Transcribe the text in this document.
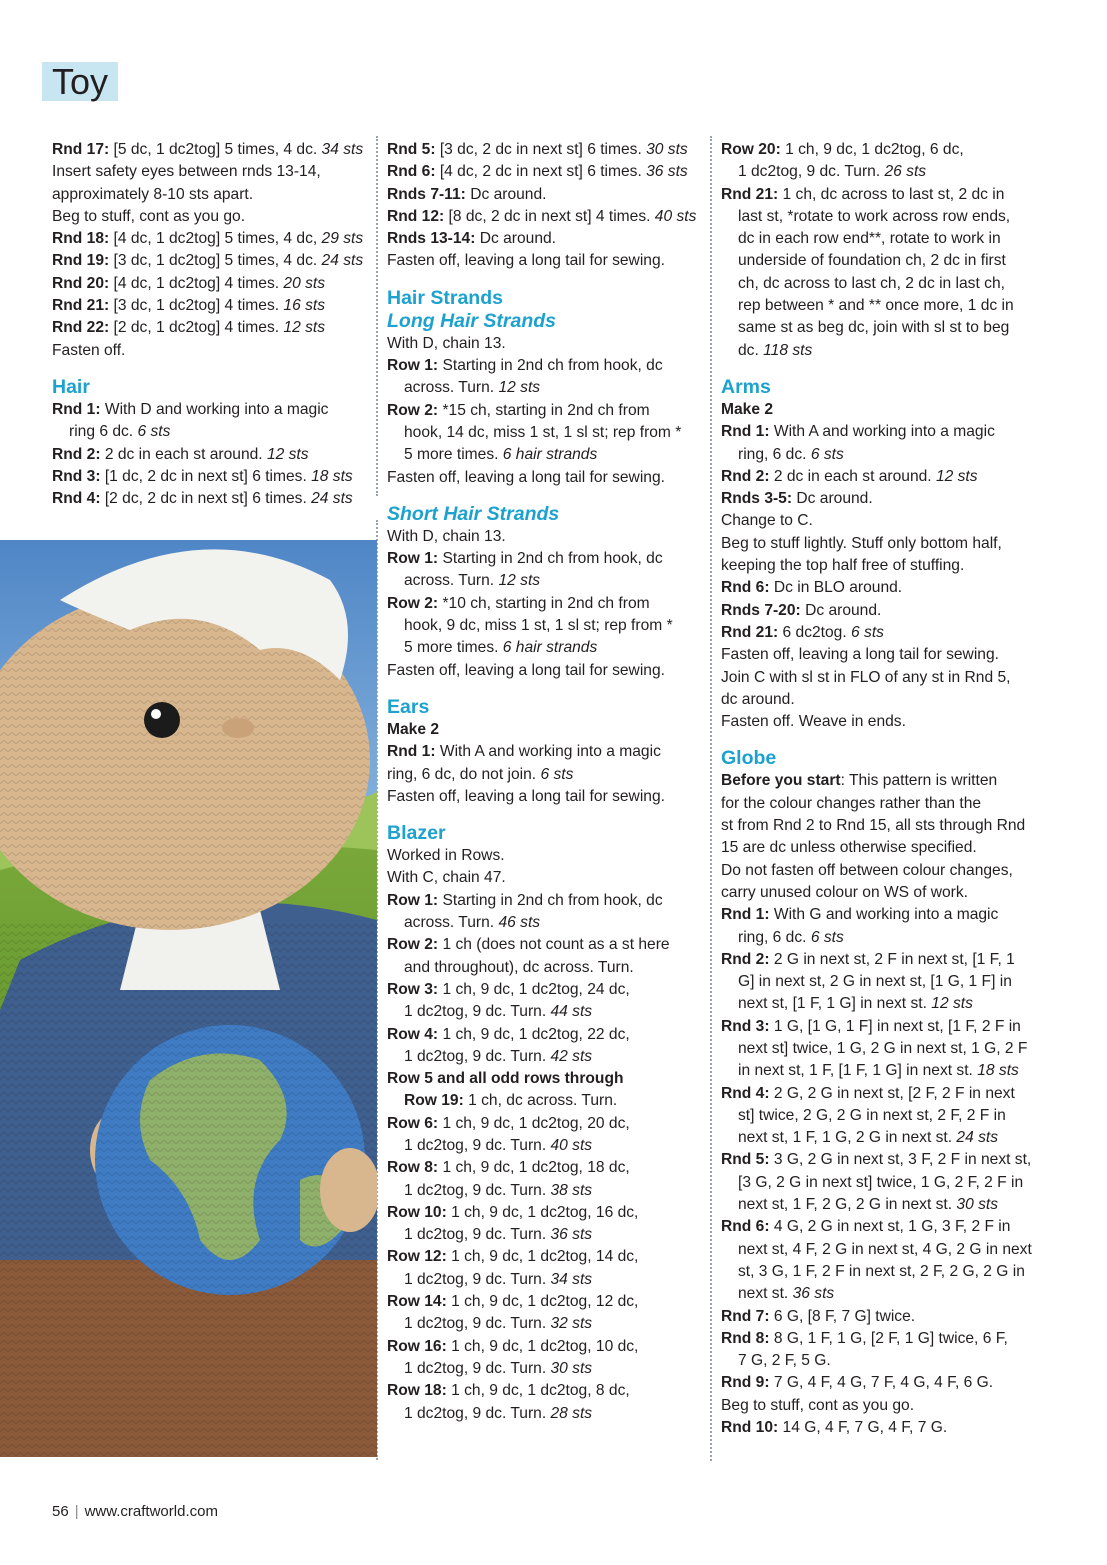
Toy
Rnd 17: [5 dc, 1 dc2tog] 5 times, 4 dc. 34 sts
Insert safety eyes between rnds 13-14,
approximately 8-10 sts apart.
Beg to stuff, cont as you go.
Rnd 18: [4 dc, 1 dc2tog] 5 times, 4 dc, 29 sts
Rnd 19: [3 dc, 1 dc2tog] 5 times, 4 dc. 24 sts
Rnd 20: [4 dc, 1 dc2tog] 4 times. 20 sts
Rnd 21: [3 dc, 1 dc2tog] 4 times. 16 sts
Rnd 22: [2 dc, 1 dc2tog] 4 times. 12 sts
Fasten off.
Hair
Rnd 1: With D and working into a magic
ring 6 dc. 6 sts
Rnd 2: 2 dc in each st around. 12 sts
Rnd 3: [1 dc, 2 dc in next st] 6 times. 18 sts
Rnd 4: [2 dc, 2 dc in next st] 6 times. 24 sts
Rnd 5: [3 dc, 2 dc in next st] 6 times. 30 sts
Rnd 6: [4 dc, 2 dc in next st] 6 times. 36 sts
Rnds 7-11: Dc around.
Rnd 12: [8 dc, 2 dc in next st] 4 times. 40 sts
Rnds 13-14: Dc around.
Fasten off, leaving a long tail for sewing.
Hair Strands
Long Hair Strands
With D, chain 13.
Row 1: Starting in 2nd ch from hook, dc
across. Turn. 12 sts
Row 2: *15 ch, starting in 2nd ch from
hook, 14 dc, miss 1 st, 1 sl st; rep from *
5 more times. 6 hair strands
Fasten off, leaving a long tail for sewing.
Short Hair Strands
With D, chain 13.
Row 1: Starting in 2nd ch from hook, dc
across. Turn. 12 sts
Row 2: *10 ch, starting in 2nd ch from
hook, 9 dc, miss 1 st, 1 sl st; rep from *
5 more times. 6 hair strands
Fasten off, leaving a long tail for sewing.
Ears
Make 2
Rnd 1: With A and working into a magic
ring, 6 dc, do not join. 6 sts
Fasten off, leaving a long tail for sewing.
Blazer
Worked in Rows.
With C, chain 47.
Row 1: Starting in 2nd ch from hook, dc
across. Turn. 46 sts
Row 2: 1 ch (does not count as a st here
and throughout), dc across. Turn.
Row 3: 1 ch, 9 dc, 1 dc2tog, 24 dc,
1 dc2tog, 9 dc. Turn. 44 sts
Row 4: 1 ch, 9 dc, 1 dc2tog, 22 dc,
1 dc2tog, 9 dc. Turn. 42 sts
Row 5 and all odd rows through
Row 19: 1 ch, dc across. Turn.
Row 6: 1 ch, 9 dc, 1 dc2tog, 20 dc,
1 dc2tog, 9 dc. Turn. 40 sts
Row 8: 1 ch, 9 dc, 1 dc2tog, 18 dc,
1 dc2tog, 9 dc. Turn. 38 sts
Row 10: 1 ch, 9 dc, 1 dc2tog, 16 dc,
1 dc2tog, 9 dc. Turn. 36 sts
Row 12: 1 ch, 9 dc, 1 dc2tog, 14 dc,
1 dc2tog, 9 dc. Turn. 34 sts
Row 14: 1 ch, 9 dc, 1 dc2tog, 12 dc,
1 dc2tog, 9 dc. Turn. 32 sts
Row 16: 1 ch, 9 dc, 1 dc2tog, 10 dc,
1 dc2tog, 9 dc. Turn. 30 sts
Row 18: 1 ch, 9 dc, 1 dc2tog, 8 dc,
1 dc2tog, 9 dc. Turn. 28 sts
Row 20: 1 ch, 9 dc, 1 dc2tog, 6 dc,
1 dc2tog, 9 dc. Turn. 26 sts
Rnd 21: 1 ch, dc across to last st, 2 dc in
last st, *rotate to work across row ends,
dc in each row end**, rotate to work in
underside of foundation ch, 2 dc in first
ch, dc across to last ch, 2 dc in last ch,
rep between * and ** once more, 1 dc in
same st as beg dc, join with sl st to beg
dc. 118 sts
Arms
Make 2
Rnd 1: With A and working into a magic
ring, 6 dc. 6 sts
Rnd 2: 2 dc in each st around. 12 sts
Rnds 3-5: Dc around.
Change to C.
Beg to stuff lightly. Stuff only bottom half,
keeping the top half free of stuffing.
Rnd 6: Dc in BLO around.
Rnds 7-20: Dc around.
Rnd 21: 6 dc2tog. 6 sts
Fasten off, leaving a long tail for sewing.
Join C with sl st in FLO of any st in Rnd 5,
dc around.
Fasten off. Weave in ends.
Globe
Before you start: This pattern is written
for the colour changes rather than the
st from Rnd 2 to Rnd 15, all sts through Rnd
15 are dc unless otherwise specified.
Do not fasten off between colour changes,
carry unused colour on WS of work.
Rnd 1: With G and working into a magic
ring, 6 dc. 6 sts
Rnd 2: 2 G in next st, 2 F in next st, [1 F, 1
G] in next st, 2 G in next st, [1 G, 1 F] in
next st, [1 F, 1 G] in next st. 12 sts
Rnd 3: 1 G, [1 G, 1 F] in next st, [1 F, 2 F in
next st] twice, 1 G, 2 G in next st, 1 G, 2 F
in next st, 1 F, [1 F, 1 G] in next st. 18 sts
Rnd 4: 2 G, 2 G in next st, [2 F, 2 F in next
st] twice, 2 G, 2 G in next st, 2 F, 2 F in
next st, 1 F, 1 G, 2 G in next st. 24 sts
Rnd 5: 3 G, 2 G in next st, 3 F, 2 F in next st,
[3 G, 2 G in next st] twice, 1 G, 2 F, 2 F in
next st, 1 F, 2 G, 2 G in next st. 30 sts
Rnd 6: 4 G, 2 G in next st, 1 G, 3 F, 2 F in
next st, 4 F, 2 G in next st, 4 G, 2 G in next
st, 3 G, 1 F, 2 F in next st, 2 F, 2 G, 2 G in
next st. 36 sts
Rnd 7: 6 G, [8 F, 7 G] twice.
Rnd 8: 8 G, 1 F, 1 G, [2 F, 1 G] twice, 6 F,
7 G, 2 F, 5 G.
Rnd 9: 7 G, 4 F, 4 G, 7 F, 4 G, 4 F, 6 G.
Beg to stuff, cont as you go.
Rnd 10: 14 G, 4 F, 7 G, 4 F, 7 G.
56 | www.craftworld.com
